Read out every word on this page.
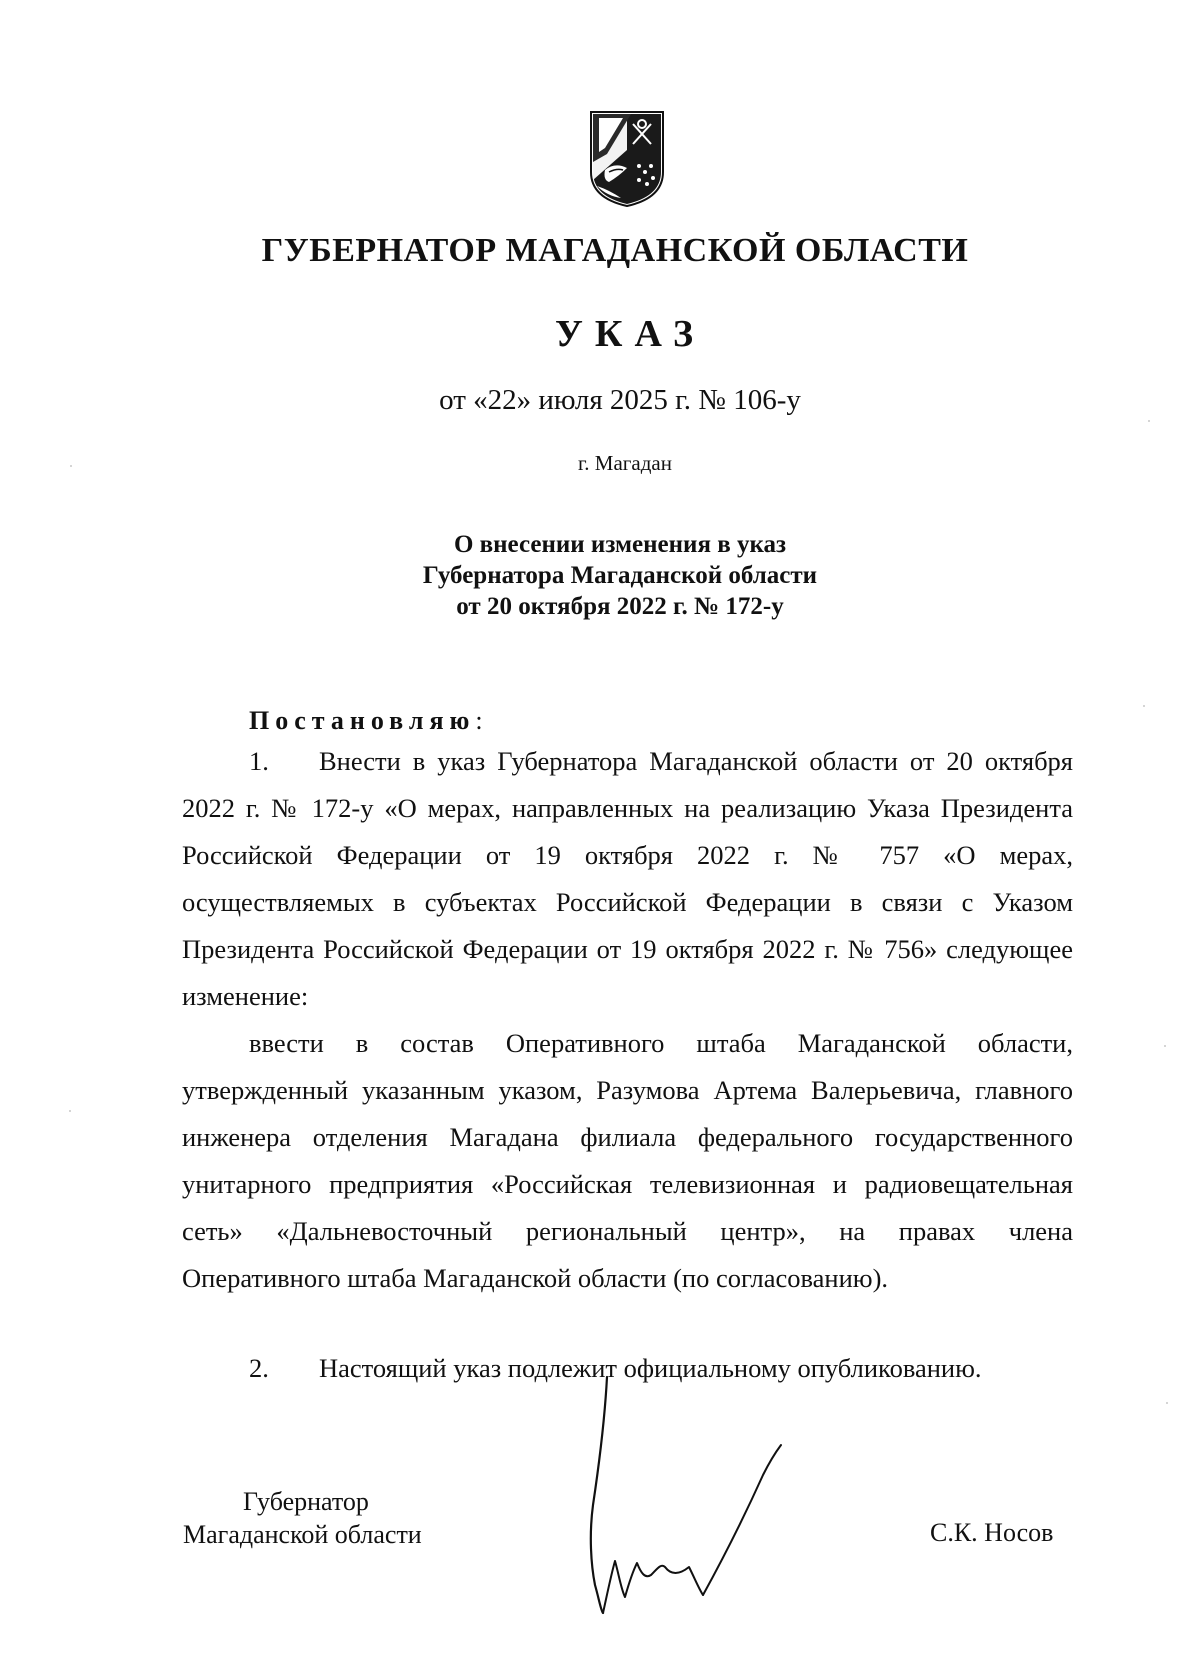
ГУБЕРНАТОР МАГАДАНСКОЙ ОБЛАСТИ
УКАЗ
от «22» июля 2025 г. № 106-у
г. Магадан
О внесении изменения в указ
Губернатора Магаданской области
от 20 октября 2022 г. № 172-у
Постановляю:
1. Внести в указ Губернатора Магаданской области от 20 октября 2022 г. № 172-у «О мерах, направленных на реализацию Указа Президента Российской Федерации от 19 октября 2022 г. № 757 «О мерах, осуществляемых в субъектах Российской Федерации в связи с Указом Президента Российской Федерации от 19 октября 2022 г. № 756» следующее изменение:
ввести в состав Оперативного штаба Магаданской области, утвержденный указанным указом, Разумова Артема Валерьевича, главного инженера отделения Магадана филиала федерального государственного унитарного предприятия «Российская телевизионная и радиовещательная сеть» «Дальневосточный региональный центр», на правах члена Оперативного штаба Магаданской области (по согласованию).
2. Настоящий указ подлежит официальному опубликованию.
Губернатор
Магаданской области	С.К. Носов
